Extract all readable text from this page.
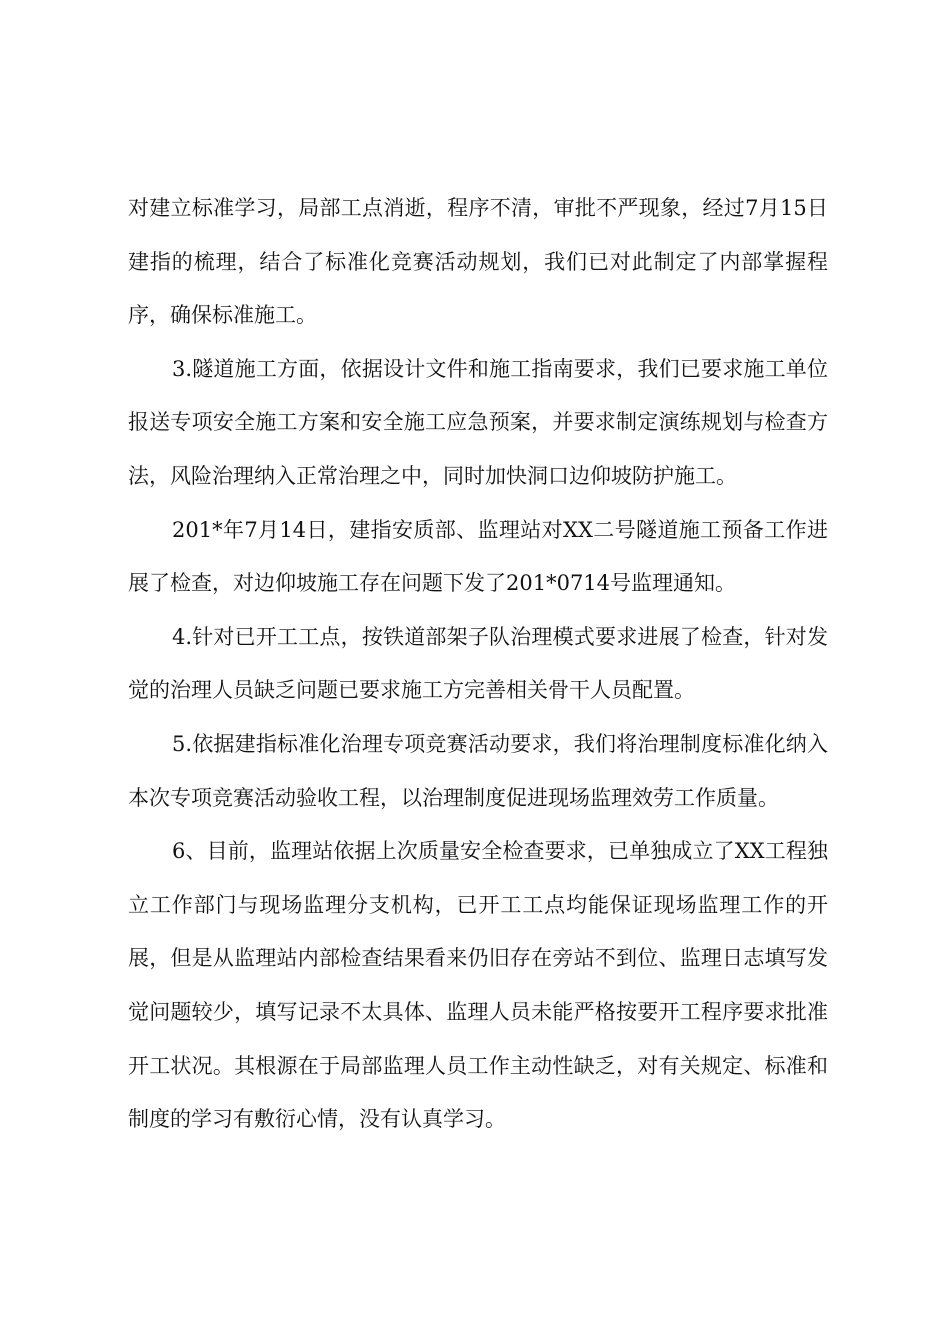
对建立标准学习，局部工点消逝，程序不清，审批不严现象，经过7月15日建指的梳理，结合了标准化竞赛活动规划，我们已对此制定了内部掌握程序，确保标准施工。

3.隧道施工方面，依据设计文件和施工指南要求，我们已要求施工单位报送专项安全施工方案和安全施工应急预案，并要求制定演练规划与检查方法，风险治理纳入正常治理之中，同时加快洞口边仰坡防护施工。

201*年7月14日，建指安质部、监理站对XX二号隧道施工预备工作进展了检查，对边仰坡施工存在问题下发了201*0714号监理通知。

4.针对已开工工点，按铁道部架子队治理模式要求进展了检查，针对发觉的治理人员缺乏问题已要求施工方完善相关骨干人员配置。

5.依据建指标准化治理专项竞赛活动要求，我们将治理制度标准化纳入本次专项竞赛活动验收工程，以治理制度促进现场监理效劳工作质量。

6、目前，监理站依据上次质量安全检查要求，已单独成立了XX工程独立工作部门与现场监理分支机构，已开工工点均能保证现场监理工作的开展，但是从监理站内部检查结果看来仍旧存在旁站不到位、监理日志填写发觉问题较少，填写记录不太具体、监理人员未能严格按要开工程序要求批准开工状况。其根源在于局部监理人员工作主动性缺乏，对有关规定、标准和制度的学习有敷衍心情，没有认真学习。
